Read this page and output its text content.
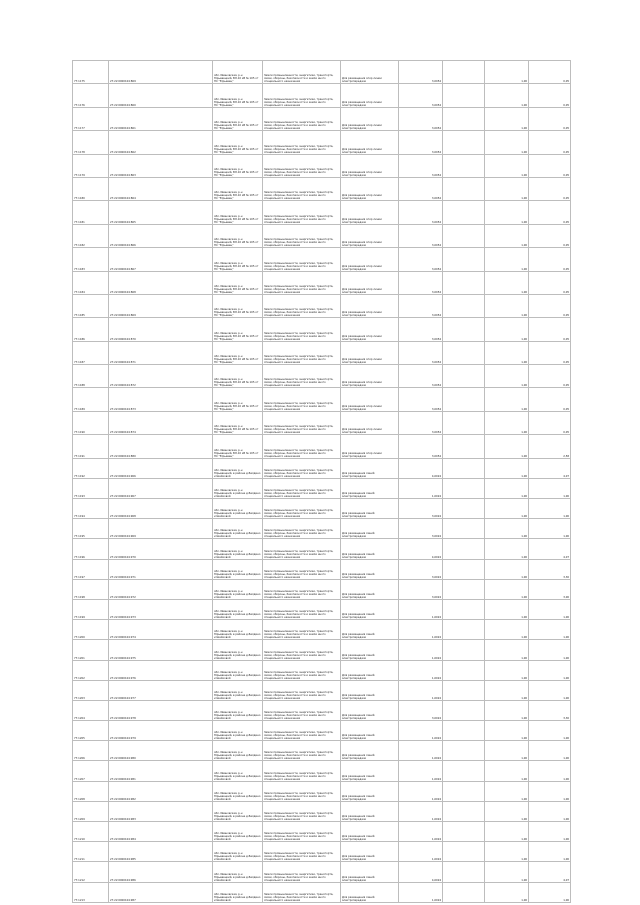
77:1175	27:22:0000104:869	обл. Ивановская, р-н Юрьевецкий, ВЛ-10 кВ № 105 от ПС "Юрьевец"	Земли промышленности, энергетики, транспорта, связи, обороны, безопасности и земли иного специального назначения	Для размещения опор линии электропередачи	3,0054		1,00	0,05
77:1176	27:22:0000104:860	обл. Ивановская, р-н Юрьевецкий, ВЛ-10 кВ № 105 от ПС "Юрьевец"	Земли промышленности, энергетики, транспорта, связи, обороны, безопасности и земли иного специального назначения	Для размещения опор линии электропередачи	3,0054		1,00	0,05
77:1177	27:22:0000104:861	обл. Ивановская, р-н Юрьевецкий, ВЛ-10 кВ № 105 от ПС "Юрьевец"	Земли промышленности, энергетики, транспорта, связи, обороны, безопасности и земли иного специального назначения	Для размещения опор линии электропередачи	3,0054		1,00	0,05
77:1178	27:22:0000104:862	обл. Ивановская, р-н Юрьевецкий, ВЛ-10 кВ № 105 от ПС "Юрьевец"	Земли промышленности, энергетики, транспорта, связи, обороны, безопасности и земли иного специального назначения	Для размещения опор линии электропередачи	3,0054		1,00	0,05
77:1179	27:22:0000104:863	обл. Ивановская, р-н Юрьевецкий, ВЛ-10 кВ № 105 от ПС "Юрьевец"	Земли промышленности, энергетики, транспорта, связи, обороны, безопасности и земли иного специального назначения	Для размещения опор линии электропередачи	3,0054		1,00	0,05
77:1180	27:22:0000104:864	обл. Ивановская, р-н Юрьевецкий, ВЛ-10 кВ № 105 от ПС "Юрьевец"	Земли промышленности, энергетики, транспорта, связи, обороны, безопасности и земли иного специального назначения	Для размещения опор линии электропередачи	3,0054		1,00	0,05
77:1181	27:22:0000104:865	обл. Ивановская, р-н Юрьевецкий, ВЛ-10 кВ № 105 от ПС "Юрьевец"	Земли промышленности, энергетики, транспорта, связи, обороны, безопасности и земли иного специального назначения	Для размещения опор линии электропередачи	3,0054		1,00	0,05
77:1182	27:22:0000104:866	обл. Ивановская, р-н Юрьевецкий, ВЛ-10 кВ № 105 от ПС "Юрьевец"	Земли промышленности, энергетики, транспорта, связи, обороны, безопасности и земли иного специального назначения	Для размещения опор линии электропередачи	3,0054		1,00	0,05
77:1183	27:22:0000104:867	обл. Ивановская, р-н Юрьевецкий, ВЛ-10 кВ № 105 от ПС "Юрьевец"	Земли промышленности, энергетики, транспорта, связи, обороны, безопасности и земли иного специального назначения	Для размещения опор линии электропередачи	3,0054		1,00	0,05
77:1184	27:22:0000104:868	обл. Ивановская, р-н Юрьевецкий, ВЛ-10 кВ № 105 от ПС "Юрьевец"	Земли промышленности, энергетики, транспорта, связи, обороны, безопасности и земли иного специального назначения	Для размещения опор линии электропередачи	3,0054		1,00	0,05
77:1185	27:22:0000104:869	обл. Ивановская, р-н Юрьевецкий, ВЛ-10 кВ № 105 от ПС "Юрьевец"	Земли промышленности, энергетики, транспорта, связи, обороны, безопасности и земли иного специального назначения	Для размещения опор линии электропередачи	3,0054		1,00	0,05
77:1186	27:22:0000104:870	обл. Ивановская, р-н Юрьевецкий, ВЛ-10 кВ № 105 от ПС "Юрьевец"	Земли промышленности, энергетики, транспорта, связи, обороны, безопасности и земли иного специального назначения	Для размещения опор линии электропередачи	3,0054		1,00	0,05
77:1187	27:22:0000104:871	обл. Ивановская, р-н Юрьевецкий, ВЛ-10 кВ № 105 от ПС "Юрьевец"	Земли промышленности, энергетики, транспорта, связи, обороны, безопасности и земли иного специального назначения	Для размещения опор линии электропередачи	3,0054		1,00	0,05
77:1188	27:22:0000104:872	обл. Ивановская, р-н Юрьевецкий, ВЛ-10 кВ № 105 от ПС "Юрьевец"	Земли промышленности, энергетики, транспорта, связи, обороны, безопасности и земли иного специального назначения	Для размещения опор линии электропередачи	3,0054		1,00	0,05
77:1189	27:22:0000104:873	обл. Ивановская, р-н Юрьевецкий, ВЛ-10 кВ № 105 от ПС "Юрьевец"	Земли промышленности, энергетики, транспорта, связи, обороны, безопасности и земли иного специального назначения	Для размещения опор линии электропередачи	3,0054		1,00	0,05
77:1190	27:22:0000104:874	обл. Ивановская, р-н Юрьевецкий, ВЛ-10 кВ № 105 от ПС "Юрьевец"	Земли промышленности, энергетики, транспорта, связи, обороны, безопасности и земли иного специального назначения	Для размещения опор линии электропередачи	3,0054		1,00	0,05
77:1191	27:22:0000104:880	обл. Ивановская, р-н Юрьевецкий, ВЛ-10 кВ № 105 от ПС "Юрьевец"	Земли промышленности, энергетики, транспорта, связи, обороны, безопасности и земли иного специального назначения	Для размещения опор линии электропередачи	3,0054		1,00	2,58
77:1192	27:22:0000104:966	обл. Ивановская, р-н Юрьевецкий, в районе д.Балдино и Шейковой	Земли промышленности, энергетики, транспорта, связи, обороны, безопасности и земли иного специального назначения	Для размещения линий электропередачи	4,0024		1,00	4,07
77:1193	27:22:0000104:967	обл. Ивановская, р-н Юрьевецкий, в районе д.Балдино и Шейковой	Земли промышленности, энергетики, транспорта, связи, обороны, безопасности и земли иного специального назначения	Для размещения линий электропередачи	1,0024		1,00	1,00
77:1194	27:22:0000104:968	обл. Ивановская, р-н Юрьевецкий, в районе д.Балдино и Шейковой	Земли промышленности, энергетики, транспорта, связи, обороны, безопасности и земли иного специального назначения	Для размещения линий электропередачи	3,0024		1,00	1,00
77:1195	27:22:0000104:969	обл. Ивановская, р-н Юрьевецкий, в районе д.Балдино и Шейковой	Земли промышленности, энергетики, транспорта, связи, обороны, безопасности и земли иного специального назначения	Для размещения линий электропередачи	3,0024		1,00	1,00
77:1196	27:22:0000104:970	обл. Ивановская, р-н Юрьевецкий, в районе д.Балдино и Шейковой	Земли промышленности, энергетики, транспорта, связи, обороны, безопасности и земли иного специального назначения	Для размещения линий электропередачи	4,0024		1,00	4,07
77:1197	27:22:0000104:971	обл. Ивановская, р-н Юрьевецкий, в районе д.Балдино и Шейковой	Земли промышленности, энергетики, транспорта, связи, обороны, безопасности и земли иного специального назначения	Для размещения линий электропередачи	3,0024		1,00	3,30
77:1198	27:22:0000104:972	обл. Ивановская, р-н Юрьевецкий, в районе д.Балдино и Шейковой	Земли промышленности, энергетики, транспорта, связи, обороны, безопасности и земли иного специального назначения	Для размещения линий электропередачи	3,0024		1,00	3,00
77:1199	27:22:0000104:973	обл. Ивановская, р-н Юрьевецкий, в районе д.Балдино и Шейковой	Земли промышленности, энергетики, транспорта, связи, обороны, безопасности и земли иного специального назначения	Для размещения линий электропередачи	1,0024		1,00	1,00
77:1200	27:22:0000104:974	обл. Ивановская, р-н Юрьевецкий, в районе д.Балдино и Шейковой	Земли промышленности, энергетики, транспорта, связи, обороны, безопасности и земли иного специального назначения	Для размещения линий электропередачи	1,0024		1,00	1,00
77:1201	27:22:0000104:975	обл. Ивановская, р-н Юрьевецкий, в районе д.Балдино и Шейковой	Земли промышленности, энергетики, транспорта, связи, обороны, безопасности и земли иного специального назначения	Для размещения линий электропередачи	1,0024		1,00	1,00
77:1202	27:22:0000104:976	обл. Ивановская, р-н Юрьевецкий, в районе д.Балдино и Шейковой	Земли промышленности, энергетики, транспорта, связи, обороны, безопасности и земли иного специального назначения	Для размещения линий электропередачи	1,0024		1,00	1,00
77:1203	27:22:0000104:977	обл. Ивановская, р-н Юрьевецкий, в районе д.Балдино и Шейковой	Земли промышленности, энергетики, транспорта, связи, обороны, безопасности и земли иного специального назначения	Для размещения линий электропередачи	1,0024		1,00	1,00
77:1204	27:22:0000104:978	обл. Ивановская, р-н Юрьевецкий, в районе д.Балдино и Шейковой	Земли промышленности, энергетики, транспорта, связи, обороны, безопасности и земли иного специального назначения	Для размещения линий электропередачи	3,0024		1,00	3,30
77:1205	27:22:0000104:979	обл. Ивановская, р-н Юрьевецкий, в районе д.Балдино и Шейковой	Земли промышленности, энергетики, транспорта, связи, обороны, безопасности и земли иного специального назначения	Для размещения линий электропередачи	1,0024		1,00	1,00
77:1206	27:22:0000104:980	обл. Ивановская, р-н Юрьевецкий, в районе д.Балдино и Шейковой	Земли промышленности, энергетики, транспорта, связи, обороны, безопасности и земли иного специального назначения	Для размещения линий электропередачи	1,0024		1,00	1,00
77:1207	27:22:0000104:981	обл. Ивановская, р-н Юрьевецкий, в районе д.Балдино и Шейковой	Земли промышленности, энергетики, транспорта, связи, обороны, безопасности и земли иного специального назначения	Для размещения линий электропередачи	1,0024		1,00	1,00
77:1208	27:22:0000104:982	обл. Ивановская, р-н Юрьевецкий, в районе д.Балдино и Шейковой	Земли промышленности, энергетики, транспорта, связи, обороны, безопасности и земли иного специального назначения	Для размещения линий электропередачи	1,0024		1,00	1,00
77:1209	27:22:0000104:983	обл. Ивановская, р-н Юрьевецкий, в районе д.Балдино и Шейковой	Земли промышленности, энергетики, транспорта, связи, обороны, безопасности и земли иного специального назначения	Для размещения линий электропередачи	1,0024		1,00	1,00
77:1210	27:22:0000104:984	обл. Ивановская, р-н Юрьевецкий, в районе д.Балдино и Шейковой	Земли промышленности, энергетики, транспорта, связи, обороны, безопасности и земли иного специального назначения	Для размещения линий электропередачи	1,0024		1,00	1,00
77:1211	27:22:0000104:985	обл. Ивановская, р-н Юрьевецкий, в районе д.Балдино и Шейковой	Земли промышленности, энергетики, транспорта, связи, обороны, безопасности и земли иного специального назначения	Для размещения линий электропередачи	1,0024		1,00	1,00
77:1212	27:22:0000104:986	обл. Ивановская, р-н Юрьевецкий, в районе д.Балдино и Шейковой	Земли промышленности, энергетики, транспорта, связи, обороны, безопасности и земли иного специального назначения	Для размещения линий электропередачи	4,0024		1,00	4,07
77:1213	27:22:0000104:987	обл. Ивановская, р-н Юрьевецкий, в районе д.Балдино и Шейковой	Земли промышленности, энергетики, транспорта, связи, обороны, безопасности и земли иного специального назначения	Для размещения линий электропередачи	1,0024		1,00	1,00
